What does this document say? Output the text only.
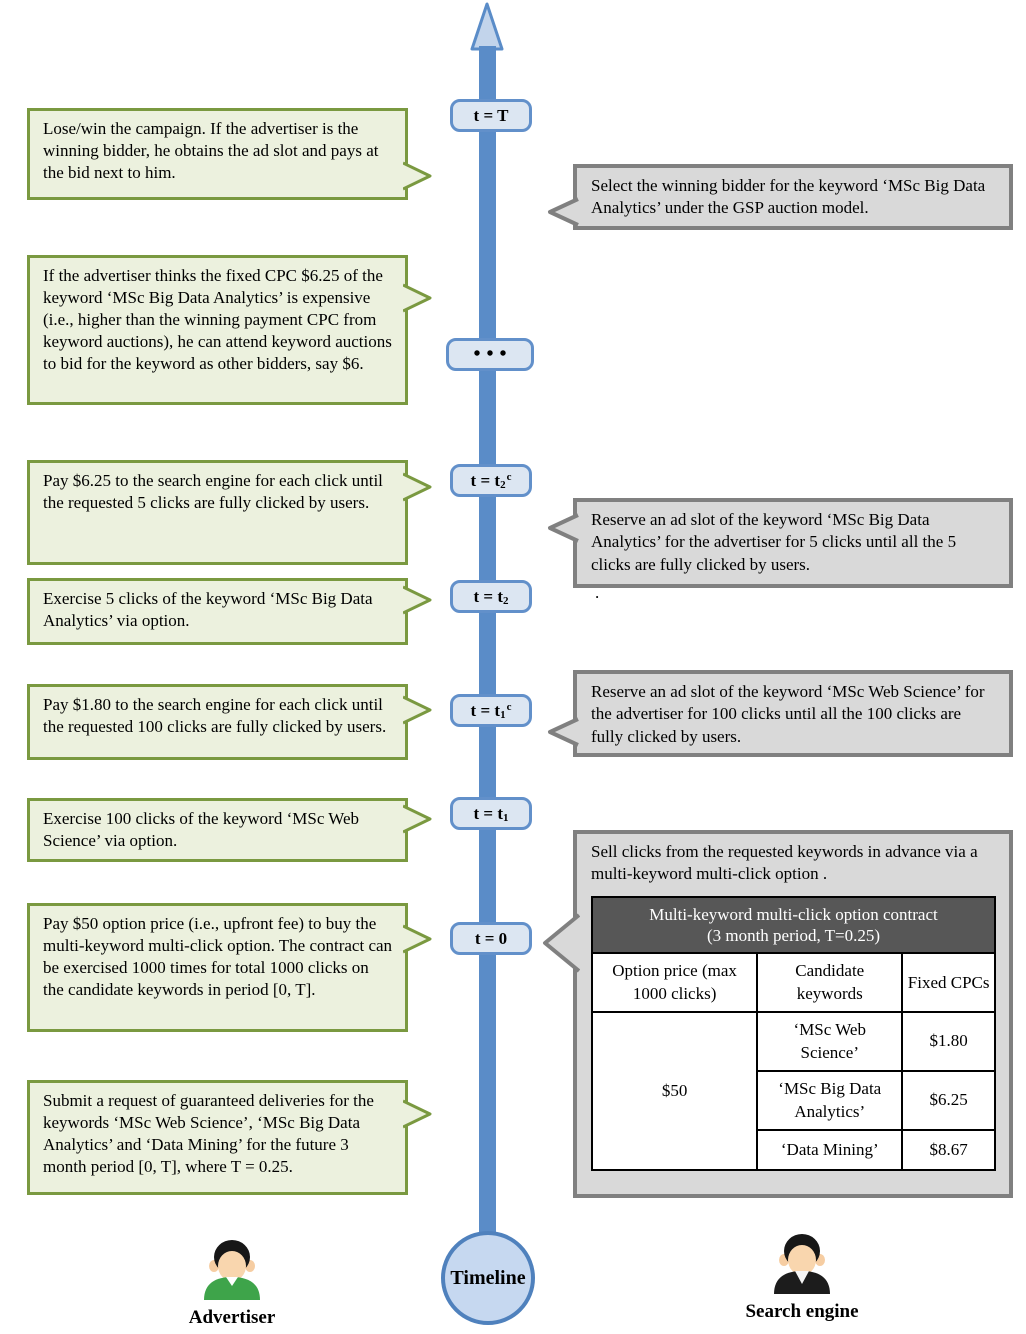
t = T
•••
t = t 2
c
t = t 2
t = t 1
c
t = t 1
t = 0
Timeline
Lose/win the campaign. If the advertiser is the winning bidder, he obtains the ad slot and pays at the bid next to him.
If the advertiser thinks the fixed CPC $6.25 of the keyword ‘MSc Big Data Analytics’ is expensive (i.e., higher than the winning payment CPC from keyword auctions), he can attend keyword auctions to bid for the keyword as other bidders, say $6.
Pay $6.25 to the search engine for each click until the requested 5 clicks are fully clicked by users.
Exercise 5 clicks of the keyword ‘MSc Big Data Analytics’ via option.
Pay $1.80 to the search engine for each click until the requested 100 clicks are fully clicked by users.
Exercise 100 clicks of the keyword ‘MSc Web Science’ via option.
Pay $50 option price (i.e., upfront fee) to buy the multi-keyword multi-click option. The contract can be exercised 1000 times for total 1000 clicks on the candidate keywords in period [0, T].
Submit a request of guaranteed deliveries for the keywords ‘MSc Web Science’, ‘MSc Big Data Analytics’ and ‘Data Mining’ for the future 3 month period [0, T], where T = 0.25.
Select the winning bidder for the keyword ‘MSc Big Data Analytics’ under the GSP auction model.
Reserve an ad slot of the keyword ‘MSc Big Data Analytics’ for the advertiser for 5 clicks until all the 5 clicks are fully clicked by users.
.
Reserve an ad slot of the keyword ‘MSc Web Science’ for the advertiser for 100 clicks until all the 100 clicks are fully clicked by users.
Sell clicks from the requested keywords in advance via a multi-keyword multi-click option .
Multi-keyword multi-click option contract
(3 month period, T=0.25)		

Option price (max 1000 clicks)	Candidate keywords	Fixed CPCs
$50	‘MSc Web Science’	$1.80
	‘MSc Big Data Analytics’	$6.25
	‘Data Mining’	$8.67
Advertiser	Search engine
